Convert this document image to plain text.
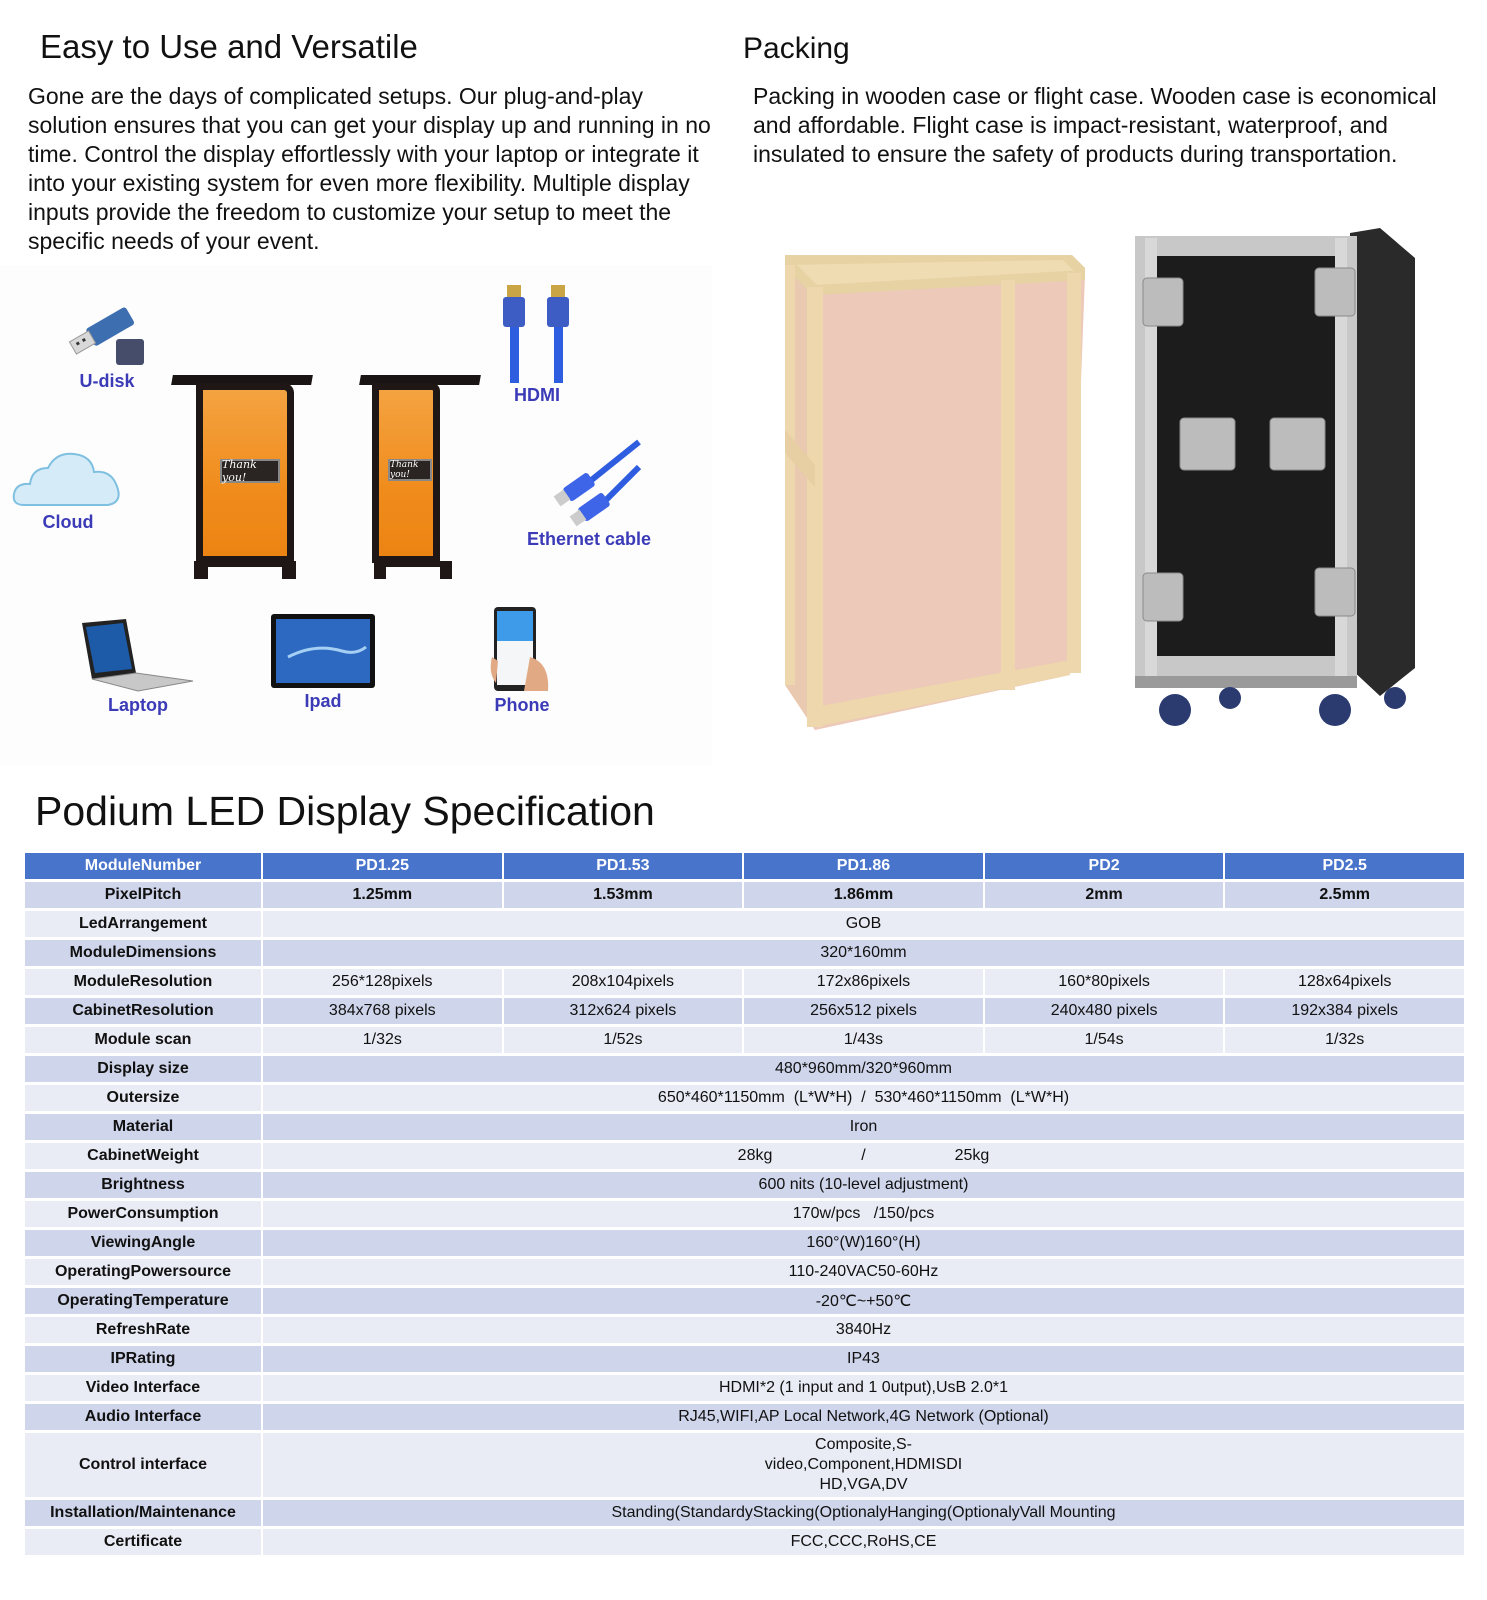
Easy to Use and Versatile

Gone are the days of complicated setups. Our plug-and-play solution ensures that you can get your display up and running in no time. Control the display effortlessly with your laptop or integrate it into your existing system for even more flexibility. Multiple display inputs provide the freedom to customize your setup to meet the specific needs of your event.

Packing

Packing in wooden case or flight case. Wooden case is economical and affordable. Flight case is impact-resistant, waterproof, and insulated to ensure the safety of products during transportation.

U-disk
HDMI
Cloud
Ethernet cable
Laptop	Ipad	Phone
Thank you!
Thank you!
Podium LED Display Specification
ModuleNumber	PD1.25	PD1.53	PD1.86	PD2	PD2.5
PixelPitch	1.25mm	1.53mm	1.86mm	2mm	2.5mm
LedArrangement	GOB				
ModuleDimensions	320*160mm				
ModuleResolution	256*128pixels	208x104pixels	172x86pixels	160*80pixels	128x64pixels
CabinetResolution	384x768 pixels	312x624 pixels	256x512 pixels	240x480 pixels	192x384 pixels
Module scan	1/32s	1/52s	1/43s	1/54s	1/32s
Display size	480*960mm/320*960mm				
Outersize	650*460*1150mm  (L*W*H)  /  530*460*1150mm  (L*W*H)				
Material	Iron				
CabinetWeight	28kg                    /                    25kg				
Brightness	600 nits (10-level adjustment)				
PowerConsumption	170w/pcs   /150/pcs				
ViewingAngle	160°(W)160°(H)				
OperatingPowersource	110-240VAC50-60Hz				
OperatingTemperature	-20℃~+50℃				
RefreshRate	3840Hz				
IPRating	IP43				
Video Interface	HDMI*2 (1 input and 1 0utput),UsB 2.0*1				
Audio Interface	RJ45,WIFI,AP Local Network,4G Network (Optional)				
Control interface	Composite,S-
video,Component,HDMISDI
HD,VGA,DV				

Installation/Maintenance	Standing(StandardyStacking(OptionalyHanging(OptionalyVall Mounting				
Certificate	FCC,CCC,RoHS,CE				
